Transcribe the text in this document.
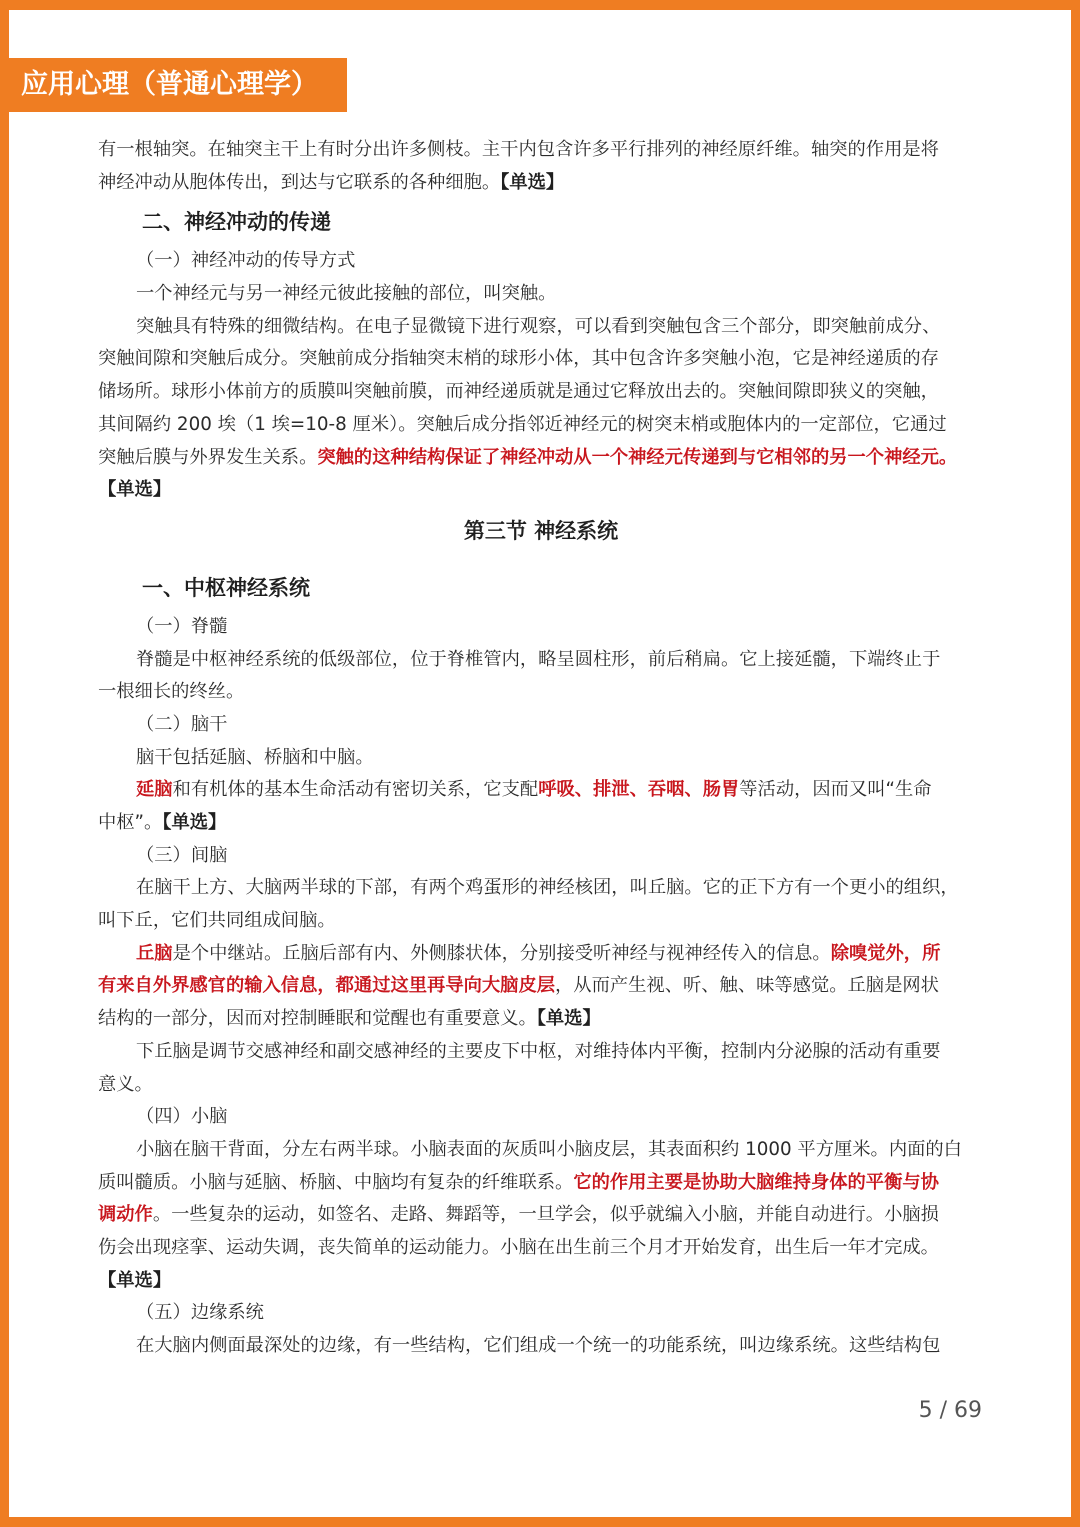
应用心理（普通心理学）
有一根轴突。在轴突主干上有时分出许多侧枝。主干内包含许多平行排列的神经原纤维。轴突的作用是将
神经冲动从胞体传出，到达与它联系的各种细胞。【单选】
二、神经冲动的传递
（一）神经冲动的传导方式
一个神经元与另一神经元彼此接触的部位，叫突触。
突触具有特殊的细微结构。在电子显微镜下进行观察，可以看到突触包含三个部分，即突触前成分、
突触间隙和突触后成分。突触前成分指轴突末梢的球形小体，其中包含许多突触小泡，它是神经递质的存
储场所。球形小体前方的质膜叫突触前膜，而神经递质就是通过它释放出去的。突触间隙即狭义的突触，
其间隔约 200 埃（1 埃=10-8 厘米）。突触后成分指邻近神经元的树突末梢或胞体内的一定部位，它通过
突触后膜与外界发生关系。突触的这种结构保证了神经冲动从一个神经元传递到与它相邻的另一个神经元。
【单选】
第三节 神经系统
一、中枢神经系统
（一）脊髓
脊髓是中枢神经系统的低级部位，位于脊椎管内，略呈圆柱形，前后稍扁。它上接延髓，下端终止于
一根细长的终丝。
（二）脑干
脑干包括延脑、桥脑和中脑。
延脑和有机体的基本生命活动有密切关系，它支配呼吸、排泄、吞咽、肠胃等活动，因而又叫“生命
中枢”。【单选】
（三）间脑
在脑干上方、大脑两半球的下部，有两个鸡蛋形的神经核团，叫丘脑。它的正下方有一个更小的组织，
叫下丘，它们共同组成间脑。
丘脑是个中继站。丘脑后部有内、外侧膝状体，分别接受听神经与视神经传入的信息。除嗅觉外，所
有来自外界感官的输入信息，都通过这里再导向大脑皮层，从而产生视、听、触、味等感觉。丘脑是网状
结构的一部分，因而对控制睡眠和觉醒也有重要意义。【单选】
下丘脑是调节交感神经和副交感神经的主要皮下中枢，对维持体内平衡，控制内分泌腺的活动有重要
意义。
（四）小脑
小脑在脑干背面，分左右两半球。小脑表面的灰质叫小脑皮层，其表面积约 1000 平方厘米。内面的白
质叫髓质。小脑与延脑、桥脑、中脑均有复杂的纤维联系。它的作用主要是协助大脑维持身体的平衡与协
调动作。一些复杂的运动，如签名、走路、舞蹈等，一旦学会，似乎就编入小脑，并能自动进行。小脑损
伤会出现痉挛、运动失调，丧失简单的运动能力。小脑在出生前三个月才开始发育，出生后一年才完成。
【单选】
（五）边缘系统
在大脑内侧面最深处的边缘，有一些结构，它们组成一个统一的功能系统，叫边缘系统。这些结构包
5 / 69
